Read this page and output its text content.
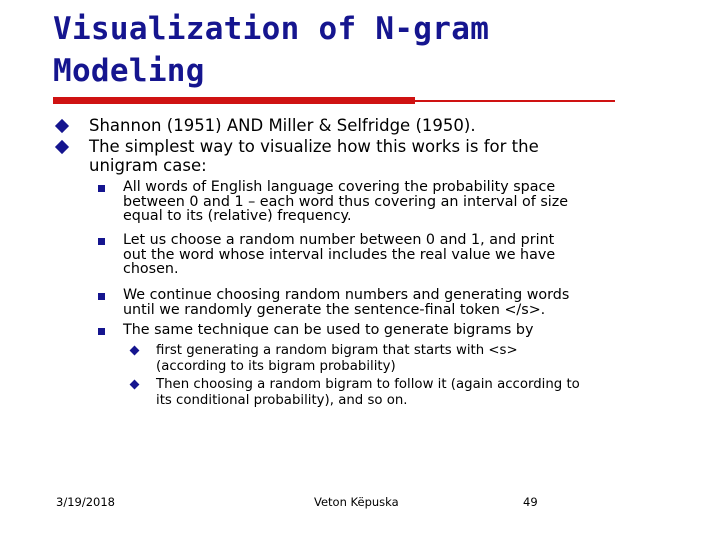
Visualization of N-gram
Modeling
Shannon (1951) AND Miller & Selfridge (1950).
The simplest way to visualize how this works is for the
unigram case:
All words of English language covering the probability space
between 0 and 1 – each word thus covering an interval of size
equal to its (relative) frequency.
Let us choose a random number between 0 and 1, and print
out the word whose interval includes the real value we have
chosen.
We continue choosing random numbers and generating words
until we randomly generate the sentence-final token </s>.
The same technique can be used to generate bigrams by
first generating a random bigram that starts with <s>
(according to its bigram probability)
Then choosing a random bigram to follow it (again according to
its conditional probability), and so on.
3/19/2018	Veton Këpuska	49
